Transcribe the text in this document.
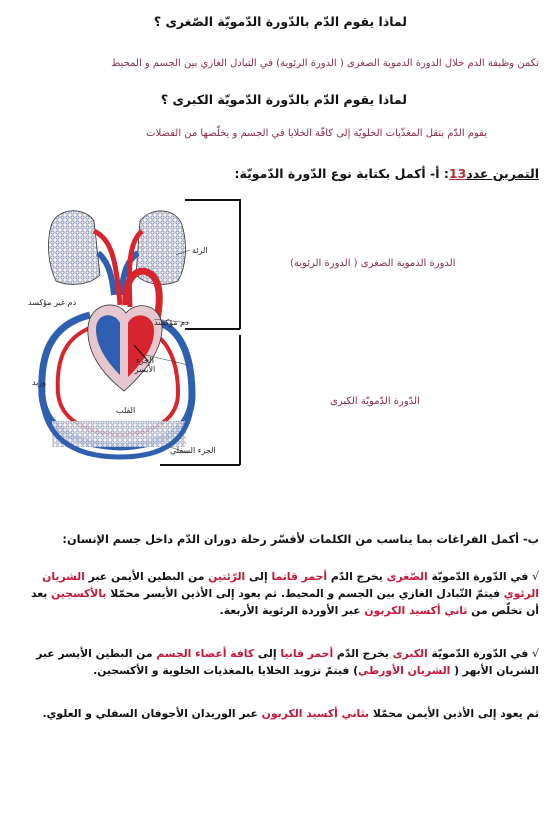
لماذا يقوم الدّم بالدّورة الدّمويّة الصّغرى ؟
تكمن وظيفة الدم خلال الدورة الدموية الصغرى ( الدورة الرئوية) في التبادل الغازي بين الجسم و المحيط
لماذا يقوم الدّم بالدّورة الدّمويّة الكبرى ؟
يقوم الدّم بنقل المغذّيات الخلويّة إلى كافّة الخلايا في الجسم و يخلّصها من الفضلات
التمرين عدد13: أ- أكمل بكتابة نوع الدّورة الدّمويّة:
الرئة
دم غير مؤكسد
دم مؤكسد
الجزء الأيسر
وريد
القلب
الجزء السفلي
الدورة الدموية الصغرى ( الدورة الرئوية)
الدّورة الدّمويّة الكبرى
ب- أكمل الفراغات بما يناسب من الكلمات لأقسّر رحلة دوران الدّم داخل جسم الإنسان:
√ في الدّورة الدّمويّة الصّغرى يخرج الدّم أحمر قاتما إلى الرّئتين من البطين الأيمن عبر الشريان الرئوي فيتمّ التّبادل الغازي بين الجسم و المحيط. ثم يعود إلى الأذين الأيسر محمّلا بالأكسجين بعد أن تخلّص من ثاني أكسيد الكربون عبر الأوردة الرئوية الأربعة.
√ في الدّورة الدّمويّة الكبرى يخرج الدّم أحمر قانيا إلى كافة أعضاء الجسم من البطين الأيسر عبر الشريان الأبهر ( الشريان الأورطي) فيتمّ تزويد الخلايا بالمغذيات الخلوية و الأكسجين.
ثم يعود إلى الأذين الأيمن محمّلا بثاني أكسيد الكربون عبر الوريدان الأجوفان السفلي و العلوي.
